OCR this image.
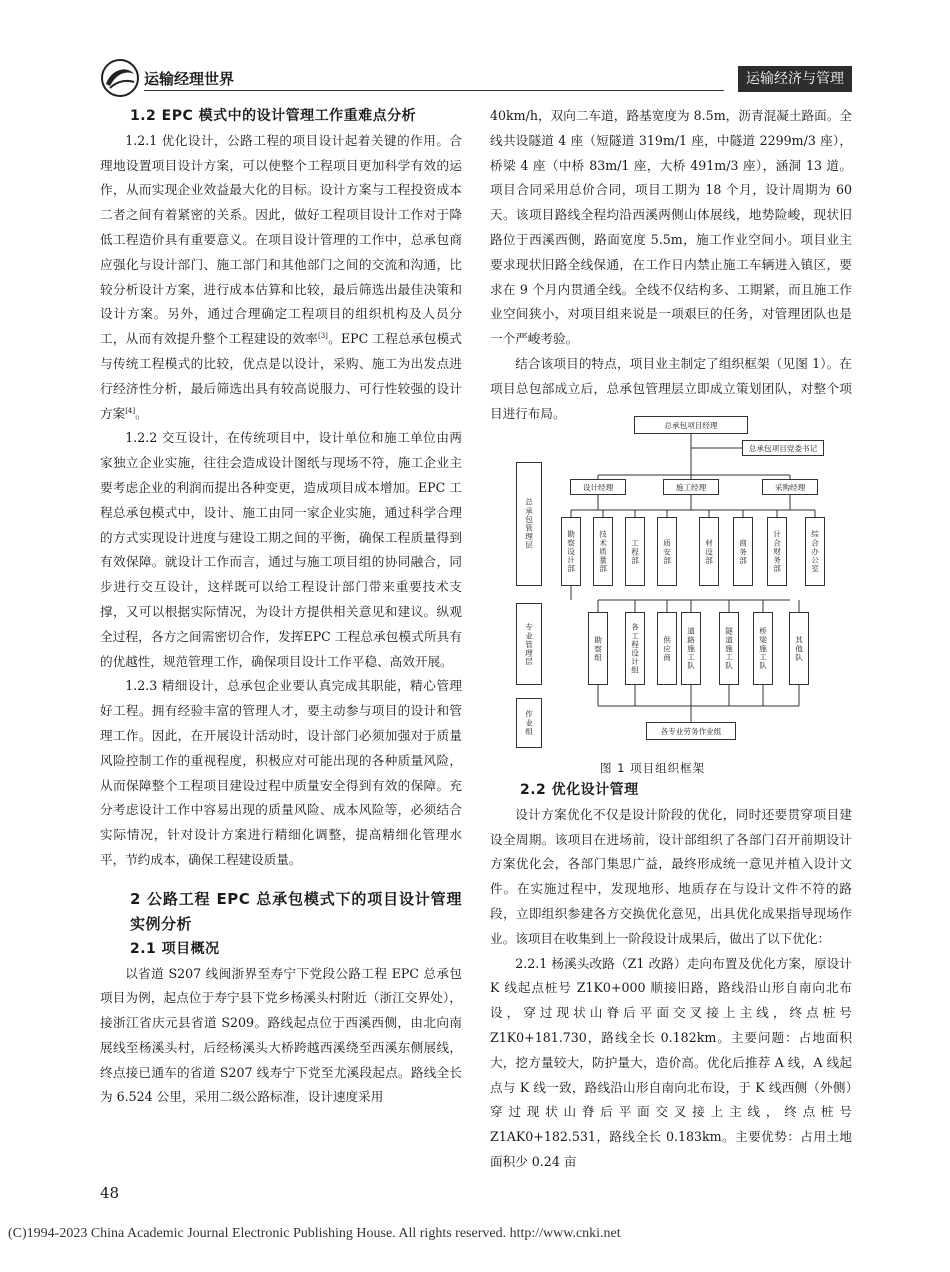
运输经理世界	运输经济与管理
1.2 EPC 模式中的设计管理工作重难点分析

1.2.1 优化设计，公路工程的项目设计起着关键的作用。合理地设置项目设计方案，可以使整个工程项目更加科学有效的运作，从而实现企业效益最大化的目标。设计方案与工程投资成本二者之间有着紧密的关系。因此，做好工程项目设计工作对于降低工程造价具有重要意义。在项目设计管理的工作中，总承包商应强化与设计部门、施工部门和其他部门之间的交流和沟通，比较分析设计方案，进行成本估算和比较，最后筛选出最佳决策和设计方案。另外，通过合理确定工程项目的组织机构及人员分工，从而有效提升整个工程建设的效率[3]。EPC 工程总承包模式与传统工程模式的比较，优点是以设计，采购、施工为出发点进行经济性分析，最后筛选出具有较高说服力、可行性较强的设计方案[4]。

1.2.2 交互设计，在传统项目中，设计单位和施工单位由两家独立企业实施，往往会造成设计图纸与现场不符，施工企业主要考虑企业的利润而提出各种变更，造成项目成本增加。EPC 工程总承包模式中，设计、施工由同一家企业实施，通过科学合理的方式实现设计进度与建设工期之间的平衡，确保工程质量得到有效保障。就设计工作而言，通过与施工项目组的协同融合，同步进行交互设计，这样既可以给工程设计部门带来重要技术支撑，又可以根据实际情况，为设计方提供相关意见和建议。纵观全过程，各方之间需密切合作，发挥EPC 工程总承包模式所具有的优越性，规范管理工作，确保项目设计工作平稳、高效开展。

1.2.3 精细设计，总承包企业要认真完成其职能，精心管理好工程。拥有经验丰富的管理人才，要主动参与项目的设计和管理工作。因此，在开展设计活动时，设计部门必须加强对于质量风险控制工作的重视程度，积极应对可能出现的各种质量风险，从而保障整个工程项目建设过程中质量安全得到有效的保障。充分考虑设计工作中容易出现的质量风险、成本风险等，必须结合实际情况，针对设计方案进行精细化调整，提高精细化管理水平，节约成本，确保工程建设质量。

2 公路工程 EPC 总承包模式下的项目设计管理实例分析
2.1 项目概况

以省道 S207 线闽浙界至寿宁下党段公路工程 EPC 总承包项目为例，起点位于寿宁县下党乡杨溪头村附近（浙江交界处），接浙江省庆元县省道 S209。路线起点位于西溪西侧，由北向南展线至杨溪头村，后经杨溪头大桥跨越西溪绕至西溪东侧展线，终点接已通车的省道 S207 线寿宁下党至尤溪段起点。路线全长为 6.524 公里，采用二级公路标准，设计速度采用

40km/h，双向二车道，路基宽度为 8.5m，沥青混凝土路面。全线共设隧道 4 座（短隧道 319m/1 座，中隧道 2299m/3 座），桥梁 4 座（中桥 83m/1 座，大桥 491m/3 座），涵洞 13 道。项目合同采用总价合同，项目工期为 18 个月，设计周期为 60 天。该项目路线全程均沿西溪两侧山体展线，地势险峻，现状旧路位于西溪西侧，路面宽度 5.5m，施工作业空间小。项目业主要求现状旧路全线保通，在工作日内禁止施工车辆进入镇区，要求在 9 个月内贯通全线。全线不仅结构多、工期紧，而且施工作业空间狭小，对项目组来说是一项艰巨的任务，对管理团队也是一个严峻考验。

结合该项目的特点，项目业主制定了组织框架（见图 1）。在项目总包部成立后，总承包管理层立即成立策划团队，对整个项目进行布局。

总承包管理层
专业管理层
作业组
总承包项目经理
总承包项目党委书记
设计经理	施工经理	采购经理
勘察设计部	技术质量部	工程部	质安部	材设部	商务部	计合财务部	综合办公室
勘察组	各工程设计组	供应商	道路施工队	隧道施工队	桥梁施工队	其他队
各专业劳务作业组
图 1 项目组织框架
2.2 优化设计管理

设计方案优化不仅是设计阶段的优化，同时还要贯穿项目建设全周期。该项目在进场前，设计部组织了各部门召开前期设计方案优化会，各部门集思广益，最终形成统一意见并植入设计文件。在实施过程中，发现地形、地质存在与设计文件不符的路段，立即组织参建各方交换优化意见，出具优化成果指导现场作业。该项目在收集到上一阶段设计成果后，做出了以下优化：

2.2.1 杨溪头改路（Z1 改路）走向布置及优化方案，原设计 K 线起点桩号 Z1K0+000 顺接旧路，路线沿山形自南向北布设，穿过现状山脊后平面交叉接上主线，终点桩号 Z1K0+181.730，路线全长 0.182km。主要问题：占地面积大，挖方量较大，防护量大，造价高。优化后推荐 A 线，A 线起点与 K 线一致，路线沿山形自南向北布设，于 K 线西侧（外侧）穿过现状山脊后平面交叉接上主线，终点桩号 Z1AK0+182.531，路线全长 0.183km。主要优势：占用土地面积少 0.24 亩

48
(C)1994-2023 China Academic Journal Electronic Publishing House. All rights reserved. http://www.cnki.net
